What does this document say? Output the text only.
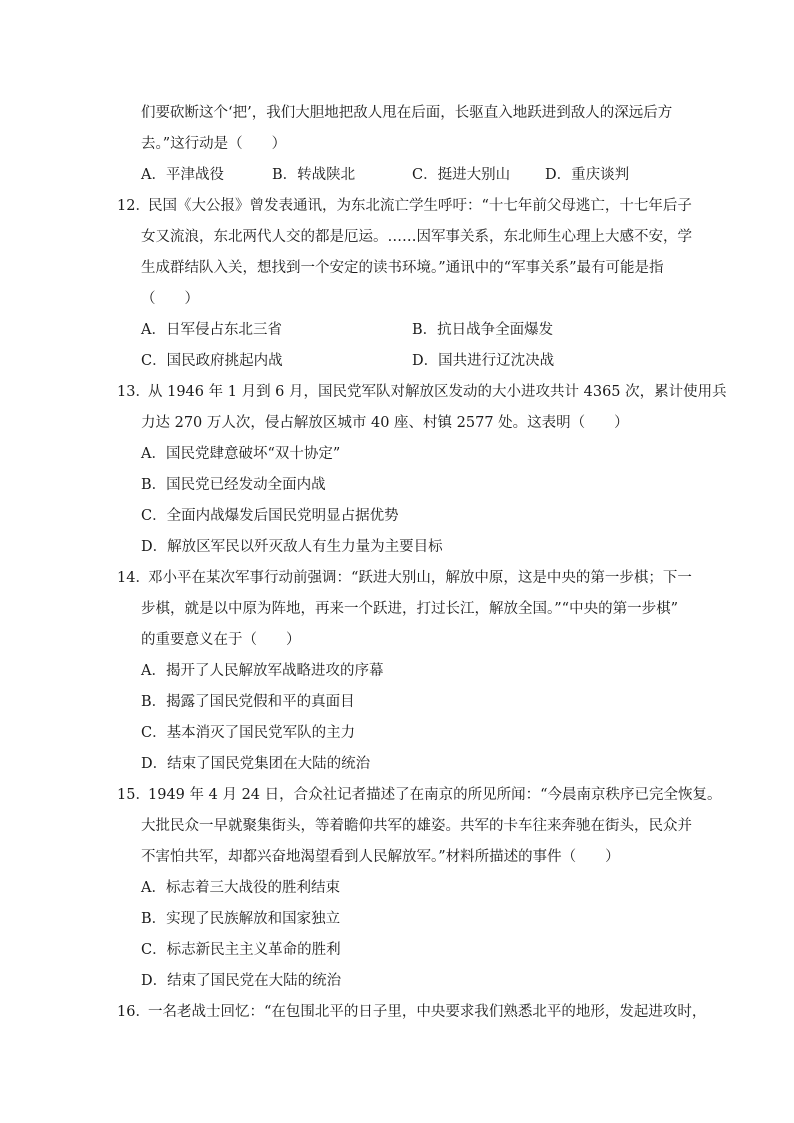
们要砍断这个‘把’，我们大胆地把敌人甩在后面，长驱直入地跃进到敌人的深远后方
去。”这行动是（　　）
A．平津战役	B．转战陕北	C．挺进大别山 D．重庆谈判
12．
民国《大公报》曾发表通讯，为东北流亡学生呼吁：“十七年前父母逃亡，十七年后子
女又流浪，东北两代人交的都是厄运。……因军事关系，东北师生心理上大感不安，学
生成群结队入关，想找到一个安定的读书环境。”通讯中的“军事关系”最有可能是指
（　　）
A．日军侵占东北三省	B．抗日战争全面爆发
C．国民政府挑起内战	D．国共进行辽沈决战
13．
从 1946 年 1 月到 6 月，国民党军队对解放区发动的大小进攻共计 4365 次，累计使用兵
力达 270 万人次，侵占解放区城市 40 座、村镇 2577 处。这表明（　　）
A．国民党肆意破坏“双十协定”
B．国民党已经发动全面内战
C．全面内战爆发后国民党明显占据优势
D．解放区军民以歼灭敌人有生力量为主要目标
14．
邓小平在某次军事行动前强调：“跃进大别山，解放中原，这是中央的第一步棋；下一
步棋，就是以中原为阵地，再来一个跃进，打过长江，解放全国。”“中央的第一步棋”
的重要意义在于（　　）
A．揭开了人民解放军战略进攻的序幕
B．揭露了国民党假和平的真面目
C．基本消灭了国民党军队的主力
D．结束了国民党集团在大陆的统治
15．
1949 年 4 月 24 日，合众社记者描述了在南京的所见所闻：“今晨南京秩序已完全恢复。
大批民众一早就聚集街头，等着瞻仰共军的雄姿。共军的卡车往来奔驰在街头，民众并
不害怕共军，却都兴奋地渴望看到人民解放军。”材料所描述的事件（　　）
A．标志着三大战役的胜利结束
B．实现了民族解放和国家独立
C．标志新民主主义革命的胜利
D．结束了国民党在大陆的统治
16．
一名老战士回忆：“在包围北平的日子里，中央要求我们熟悉北平的地形，发起进攻时，
